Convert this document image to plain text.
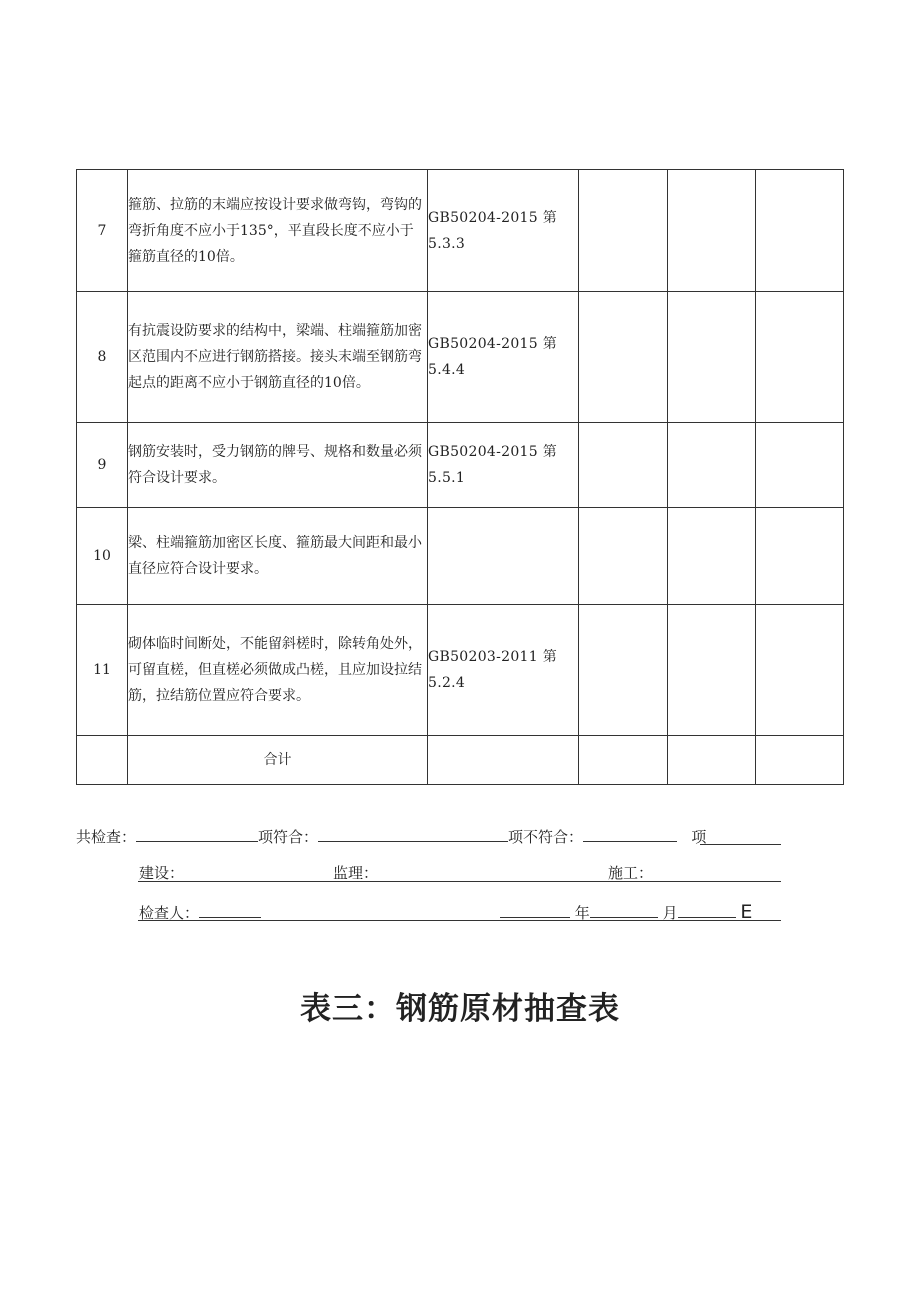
7	箍筋、拉筋的末端应按设计要求做弯钩，弯钩的弯折角度不应小于135°，平直段长度不应小于箍筋直径的10倍。	GB50204-2015 第5.3.3			
8	有抗震设防要求的结构中，梁端、柱端箍筋加密区范围内不应进行钢筋搭接。接头末端至钢筋弯起点的距离不应小于钢筋直径的10倍。	GB50204-2015 第5.4.4			
9	钢筋安装时，受力钢筋的牌号、规格和数量必须符合设计要求。	GB50204-2015 第5.5.1			
10	梁、柱端箍筋加密区长度、箍筋最大间距和最小直径应符合设计要求。				
11	砌体临时间断处，不能留斜槎时，除转角处外，可留直槎，但直槎必须做成凸槎，且应加设拉结筋，拉结筋位置应符合要求。	GB50203-2011 第5.2.4			
	合计				
共检查：	项符合：	项不符合：	项
建设：	监理：	施工：
检查人：	年	月	E
表三：钢筋原材抽查表
